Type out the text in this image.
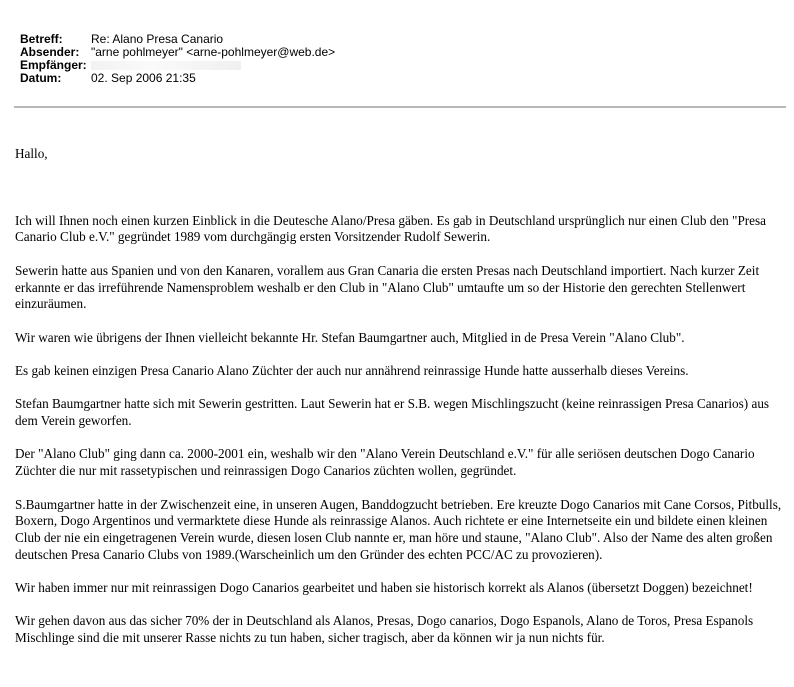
Betreff:	Re: Alano Presa Canario
Absender: "arne pohlmeyer" <arne-pohlmeyer@web.de>
Empfänger:
Datum:	02. Sep 2006 21:35

Hallo,

Ich will Ihnen noch einen kurzen Einblick in die Deutesche Alano/Presa gäben. Es gab in Deutschland ursprünglich nur einen Club den "Presa Canario Club e.V." gegründet 1989 vom durchgängig ersten Vorsitzender Rudolf Sewerin.

Sewerin hatte aus Spanien und von den Kanaren, vorallem aus Gran Canaria die ersten Presas nach Deutschland importiert. Nach kurzer Zeit erkannte er das irreführende Namensproblem weshalb er den Club in "Alano Club" umtaufte um so der Historie den gerechten Stellenwert einzuräumen.

Wir waren wie übrigens der Ihnen vielleicht bekannte Hr. Stefan Baumgartner auch, Mitglied in de Presa Verein "Alano Club".

Es gab keinen einzigen Presa Canario Alano Züchter der auch nur annährend reinrassige Hunde hatte ausserhalb dieses Vereins.

Stefan Baumgartner hatte sich mit Sewerin gestritten. Laut Sewerin hat er S.B. wegen Mischlingszucht (keine reinrassigen Presa Canarios) aus dem Verein geworfen.

Der "Alano Club" ging dann ca. 2000-2001 ein, weshalb wir den "Alano Verein Deutschland e.V." für alle seriösen deutschen Dogo Canario Züchter die nur mit rassetypischen und reinrassigen Dogo Canarios züchten wollen, gegründet.

S.Baumgartner hatte in der Zwischenzeit eine, in unseren Augen, Banddogzucht betrieben. Ere kreuzte Dogo Canarios mit Cane Corsos, Pitbulls, Boxern, Dogo Argentinos und vermarktete diese Hunde als reinrassige Alanos. Auch richtete er eine Internetseite ein und bildete einen kleinen Club der nie ein eingetragenen Verein wurde, diesen losen Club nannte er, man höre und staune, "Alano Club". Also der Name des alten großen deutschen Presa Canario Clubs von 1989.(Warscheinlich um den Gründer des echten PCC/AC zu provozieren).

Wir haben immer nur mit reinrassigen Dogo Canarios gearbeitet und haben sie historisch korrekt als Alanos (übersetzt Doggen) bezeichnet!

Wir gehen davon aus das sicher 70% der in Deutschland als Alanos, Presas, Dogo canarios, Dogo Espanols, Alano de Toros, Presa Espanols Mischlinge sind die mit unserer Rasse nichts zu tun haben, sicher tragisch, aber da können wir ja nun nichts für.
